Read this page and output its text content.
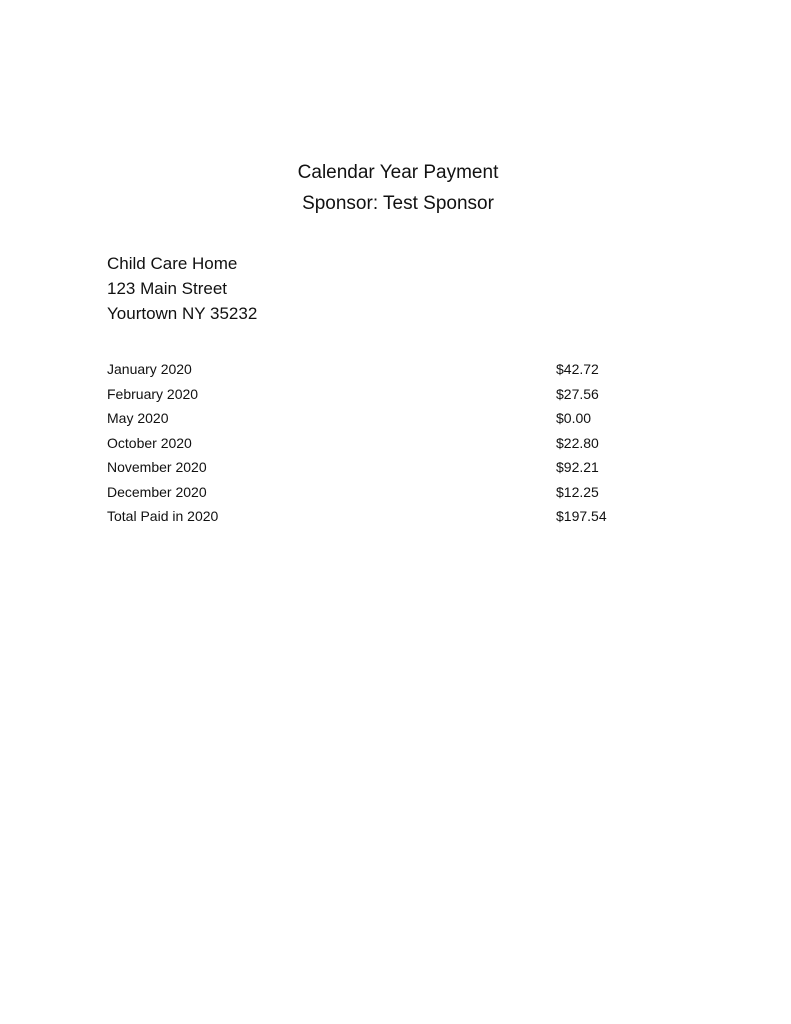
Calendar Year Payment
Sponsor: Test Sponsor
Child Care Home
123 Main Street
Yourtown NY 35232
January 2020	$42.72
February 2020	$27.56
May 2020	$0.00
October 2020	$22.80
November 2020	$92.21
December 2020	$12.25
Total Paid in 2020	$197.54
